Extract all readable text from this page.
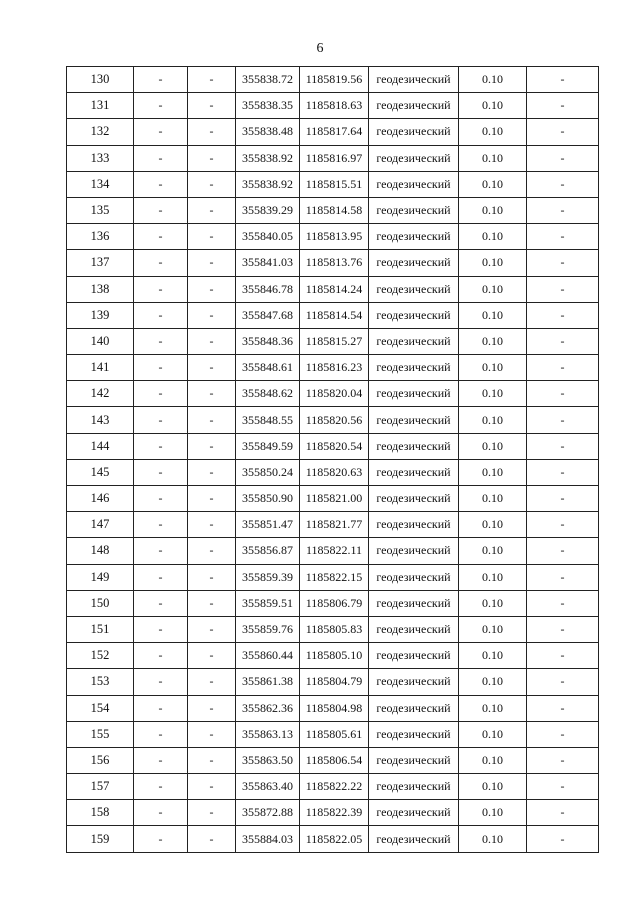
6
130	-	-	355838.72	1185819.56	геодезический	0.10	-
131	-	-	355838.35	1185818.63	геодезический	0.10	-
132	-	-	355838.48	1185817.64	геодезический	0.10	-
133	-	-	355838.92	1185816.97	геодезический	0.10	-
134	-	-	355838.92	1185815.51	геодезический	0.10	-
135	-	-	355839.29	1185814.58	геодезический	0.10	-
136	-	-	355840.05	1185813.95	геодезический	0.10	-
137	-	-	355841.03	1185813.76	геодезический	0.10	-
138	-	-	355846.78	1185814.24	геодезический	0.10	-
139	-	-	355847.68	1185814.54	геодезический	0.10	-
140	-	-	355848.36	1185815.27	геодезический	0.10	-
141	-	-	355848.61	1185816.23	геодезический	0.10	-
142	-	-	355848.62	1185820.04	геодезический	0.10	-
143	-	-	355848.55	1185820.56	геодезический	0.10	-
144	-	-	355849.59	1185820.54	геодезический	0.10	-
145	-	-	355850.24	1185820.63	геодезический	0.10	-
146	-	-	355850.90	1185821.00	геодезический	0.10	-
147	-	-	355851.47	1185821.77	геодезический	0.10	-
148	-	-	355856.87	1185822.11	геодезический	0.10	-
149	-	-	355859.39	1185822.15	геодезический	0.10	-
150	-	-	355859.51	1185806.79	геодезический	0.10	-
151	-	-	355859.76	1185805.83	геодезический	0.10	-
152	-	-	355860.44	1185805.10	геодезический	0.10	-
153	-	-	355861.38	1185804.79	геодезический	0.10	-
154	-	-	355862.36	1185804.98	геодезический	0.10	-
155	-	-	355863.13	1185805.61	геодезический	0.10	-
156	-	-	355863.50	1185806.54	геодезический	0.10	-
157	-	-	355863.40	1185822.22	геодезический	0.10	-
158	-	-	355872.88	1185822.39	геодезический	0.10	-
159	-	-	355884.03	1185822.05	геодезический	0.10	-
